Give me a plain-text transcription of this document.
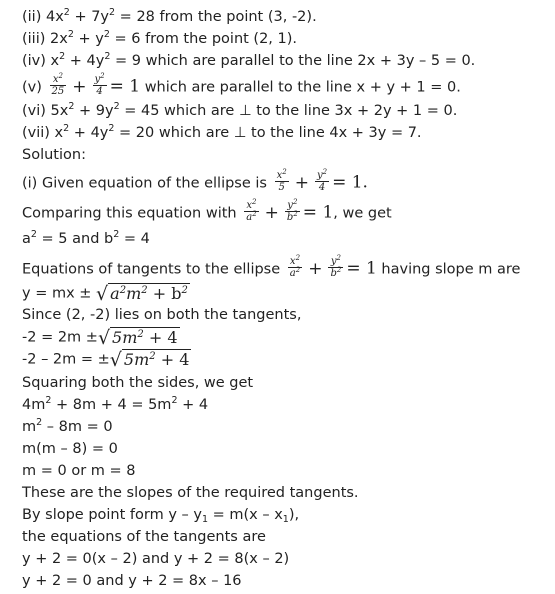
(ii) $4x^2 + 7y^2 = 28$ from the point (3, -2).
(iii) $2x^2 + y^2 = 6$ from the point (2, 1).
(iv) $x^2 + 4y^2 = 9$ which are parallel to the line 2x + 3y – 5 = 0.
$(v) \frac{x^2}{25} + \frac{y^2}{4} = 1$ which are parallel to the line x + y + 1 = 0.
(vi) $5x^2 + 9y^2 = 45$ which are ⊥ to the line 3x + 2y + 1 = 0.
(vii) $x^2 + 4y^2 = 20$ which are ⊥ to the line 4x + 3y = 7.
Solution:
(i) Given equation of the ellipse is $\frac{x^2}{5} + \frac{y^2}{4} = 1$.
Comparing this equation with $\frac{x^2}{a^2} + \frac{y^2}{b^2} = 1$, we get
$a^2 = 5$ and $b^2 = 4$
Equations of tangents to the ellipse $\frac{x^2}{a^2} + \frac{y^2}{b^2} = 1$ having slope m are
y = mx ± √ $a^2m^2 + b^2$
Since (2, -2) lies on both the tangents,
-2 = 2m ±√ $5m^2 + 4$
-2 – 2m = ±√ $5m^2 + 4$
Squaring both the sides, we get
$4m^2 + 8m + 4 = 5m^2 + 4$
$m^2 - 8m = 0$
m(m – 8) = 0
m = 0 or m = 8
These are the slopes of the required tangents.
By slope point form $y - y_1 = m(x - x_1)$,
the equations of the tangents are
y + 2 = 0(x – 2) and y + 2 = 8(x – 2)
y + 2 = 0 and y + 2 = 8x – 16
